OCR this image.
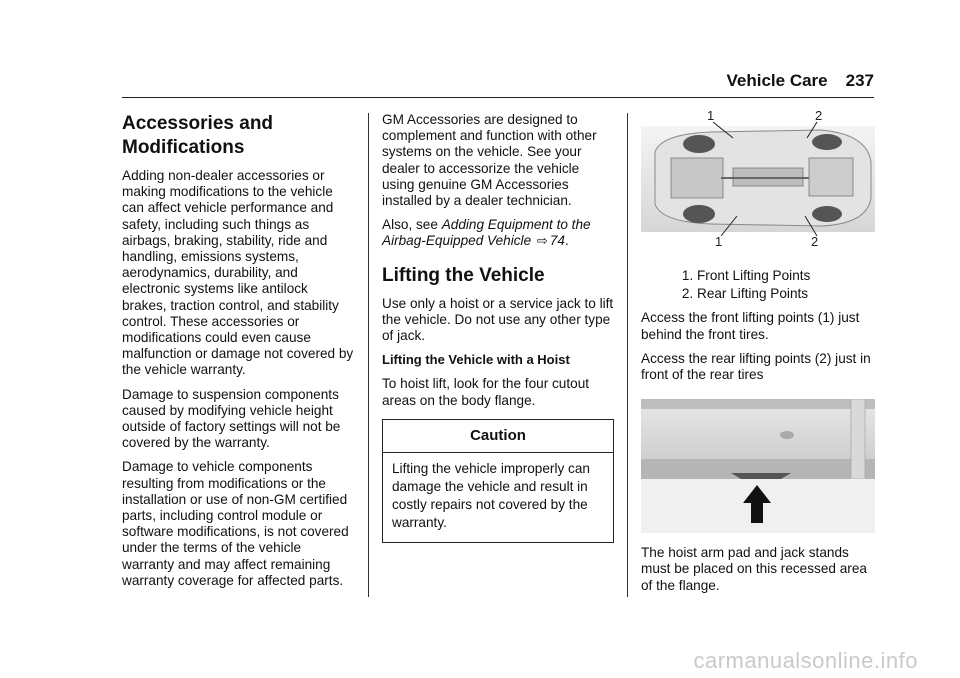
Vehicle Care 237
Accessories and Modifications

Adding non-dealer accessories or making modifications to the vehicle can affect vehicle performance and safety, including such things as airbags, braking, stability, ride and handling, emissions systems, aerodynamics, durability, and electronic systems like antilock brakes, traction control, and stability control. These accessories or modifications could even cause malfunction or damage not covered by the vehicle warranty.

Damage to suspension components caused by modifying vehicle height outside of factory settings will not be covered by the warranty.

Damage to vehicle components resulting from modifications or the installation or use of non-GM certified parts, including control module or software modifications, is not covered under the terms of the vehicle warranty and may affect remaining warranty coverage for affected parts.

GM Accessories are designed to complement and function with other systems on the vehicle. See your dealer to accessorize the vehicle using genuine GM Accessories installed by a dealer technician.

Also, see Adding Equipment to the Airbag-Equipped Vehicle ⇨ 74.

Lifting the Vehicle

Use only a hoist or a service jack to lift the vehicle. Do not use any other type of jack.

Lifting the Vehicle with a Hoist

To hoist lift, look for the four cutout areas on the body flange.

Caution
Lifting the vehicle improperly can damage the vehicle and result in costly repairs not covered by the warranty.
1	2
1	2
1. Front Lifting Points
2. Rear Lifting Points

Access the front lifting points (1) just behind the front tires.

Access the rear lifting points (2) just in front of the rear tires

The hoist arm pad and jack stands must be placed on this recessed area of the flange.

carmanualsonline.info
